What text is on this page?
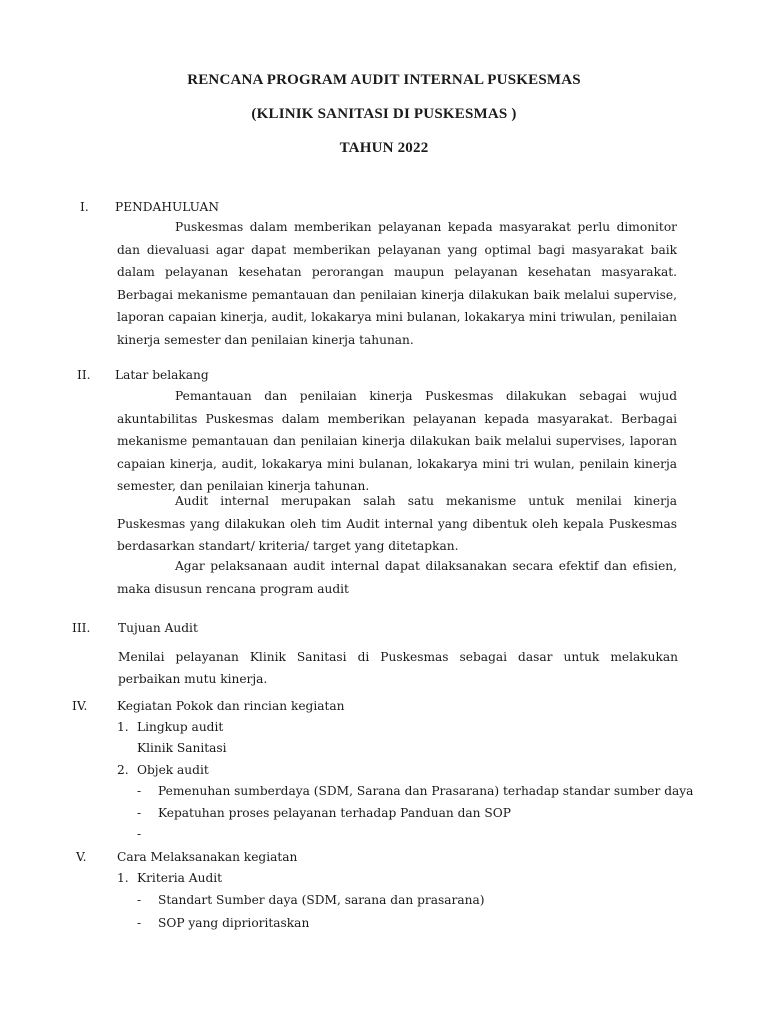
RENCANA PROGRAM AUDIT INTERNAL PUSKESMAS
(KLINIK SANITASI DI PUSKESMAS )
TAHUN 2022
I. PENDAHULUAN
Puskesmas dalam memberikan pelayanan kepada masyarakat perlu dimonitor dan dievaluasi agar dapat memberikan pelayanan yang optimal bagi masyarakat baik dalam pelayanan kesehatan perorangan maupun pelayanan kesehatan masyarakat. Berbagai mekanisme pemantauan dan penilaian kinerja dilakukan baik melalui supervise, laporan capaian kinerja, audit, lokakarya mini bulanan, lokakarya mini triwulan, penilaian kinerja semester dan penilaian kinerja tahunan.
II. Latar belakang
Pemantauan dan penilaian kinerja Puskesmas dilakukan sebagai wujud akuntabilitas Puskesmas dalam memberikan pelayanan kepada masyarakat. Berbagai mekanisme pemantauan dan penilaian kinerja dilakukan baik melalui supervises, laporan capaian kinerja, audit, lokakarya mini bulanan, lokakarya mini tri wulan, penilain kinerja semester, dan penilaian kinerja tahunan.
Audit internal merupakan salah satu mekanisme untuk menilai kinerja Puskesmas yang dilakukan oleh tim Audit internal yang dibentuk oleh kepala Puskesmas berdasarkan standart/ kriteria/ target yang ditetapkan.
Agar pelaksanaan audit internal dapat dilaksanakan secara efektif dan efisien, maka disusun rencana program audit
III. Tujuan Audit
Menilai pelayanan Klinik Sanitasi di Puskesmas sebagai dasar untuk melakukan perbaikan mutu kinerja.
IV. Kegiatan Pokok dan rincian kegiatan
1. Lingkup audit
Klinik Sanitasi
2. Objek audit
- Pemenuhan sumberdaya (SDM, Sarana dan Prasarana) terhadap standar sumber daya
- Kepatuhan proses pelayanan terhadap Panduan dan SOP
-
V. Cara Melaksanakan kegiatan
1. Kriteria Audit
- Standart Sumber daya (SDM, sarana dan prasarana)
- SOP yang diprioritaskan
